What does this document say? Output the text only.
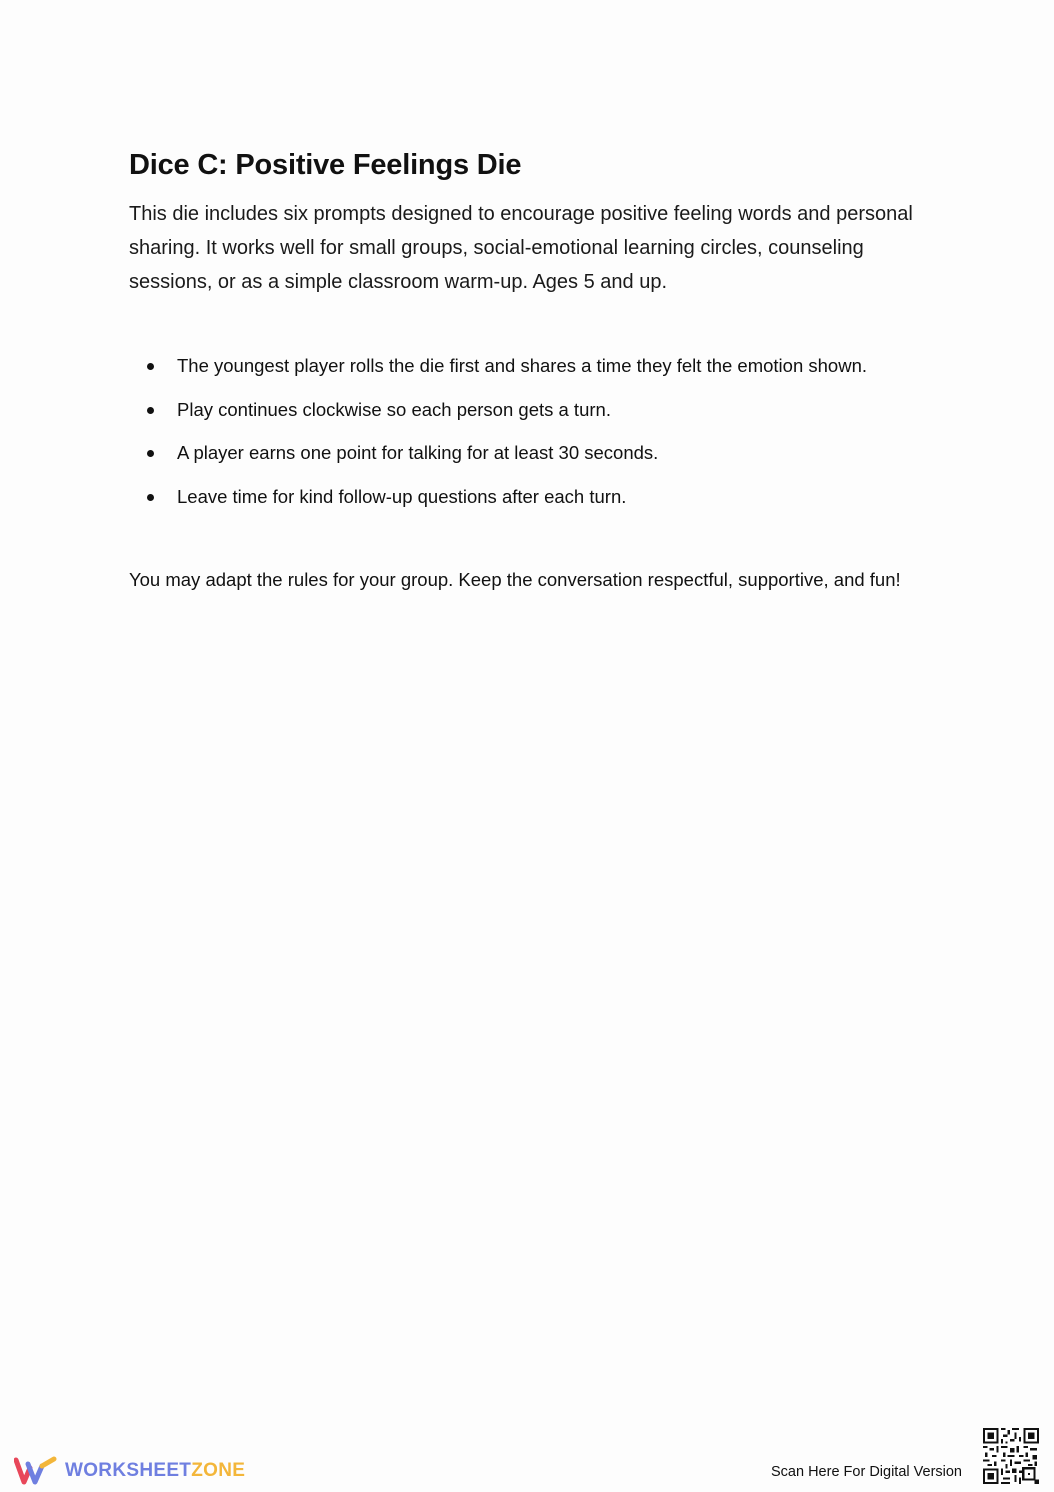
Dice C: Positive Feelings Die

This die includes six prompts designed to encourage positive feeling words and personal sharing. It works well for small groups, social-emotional learning circles, counseling sessions, or as a simple classroom warm-up. Ages 5 and up.

The youngest player rolls the die first and shares a time they felt the emotion shown.
Play continues clockwise so each person gets a turn.
A player earns one point for talking for at least 30 seconds.
Leave time for kind follow-up questions after each turn.

You may adapt the rules for your group. Keep the conversation respectful, supportive, and fun!

WORKSHEETZONE	Scan Here For Digital Version
